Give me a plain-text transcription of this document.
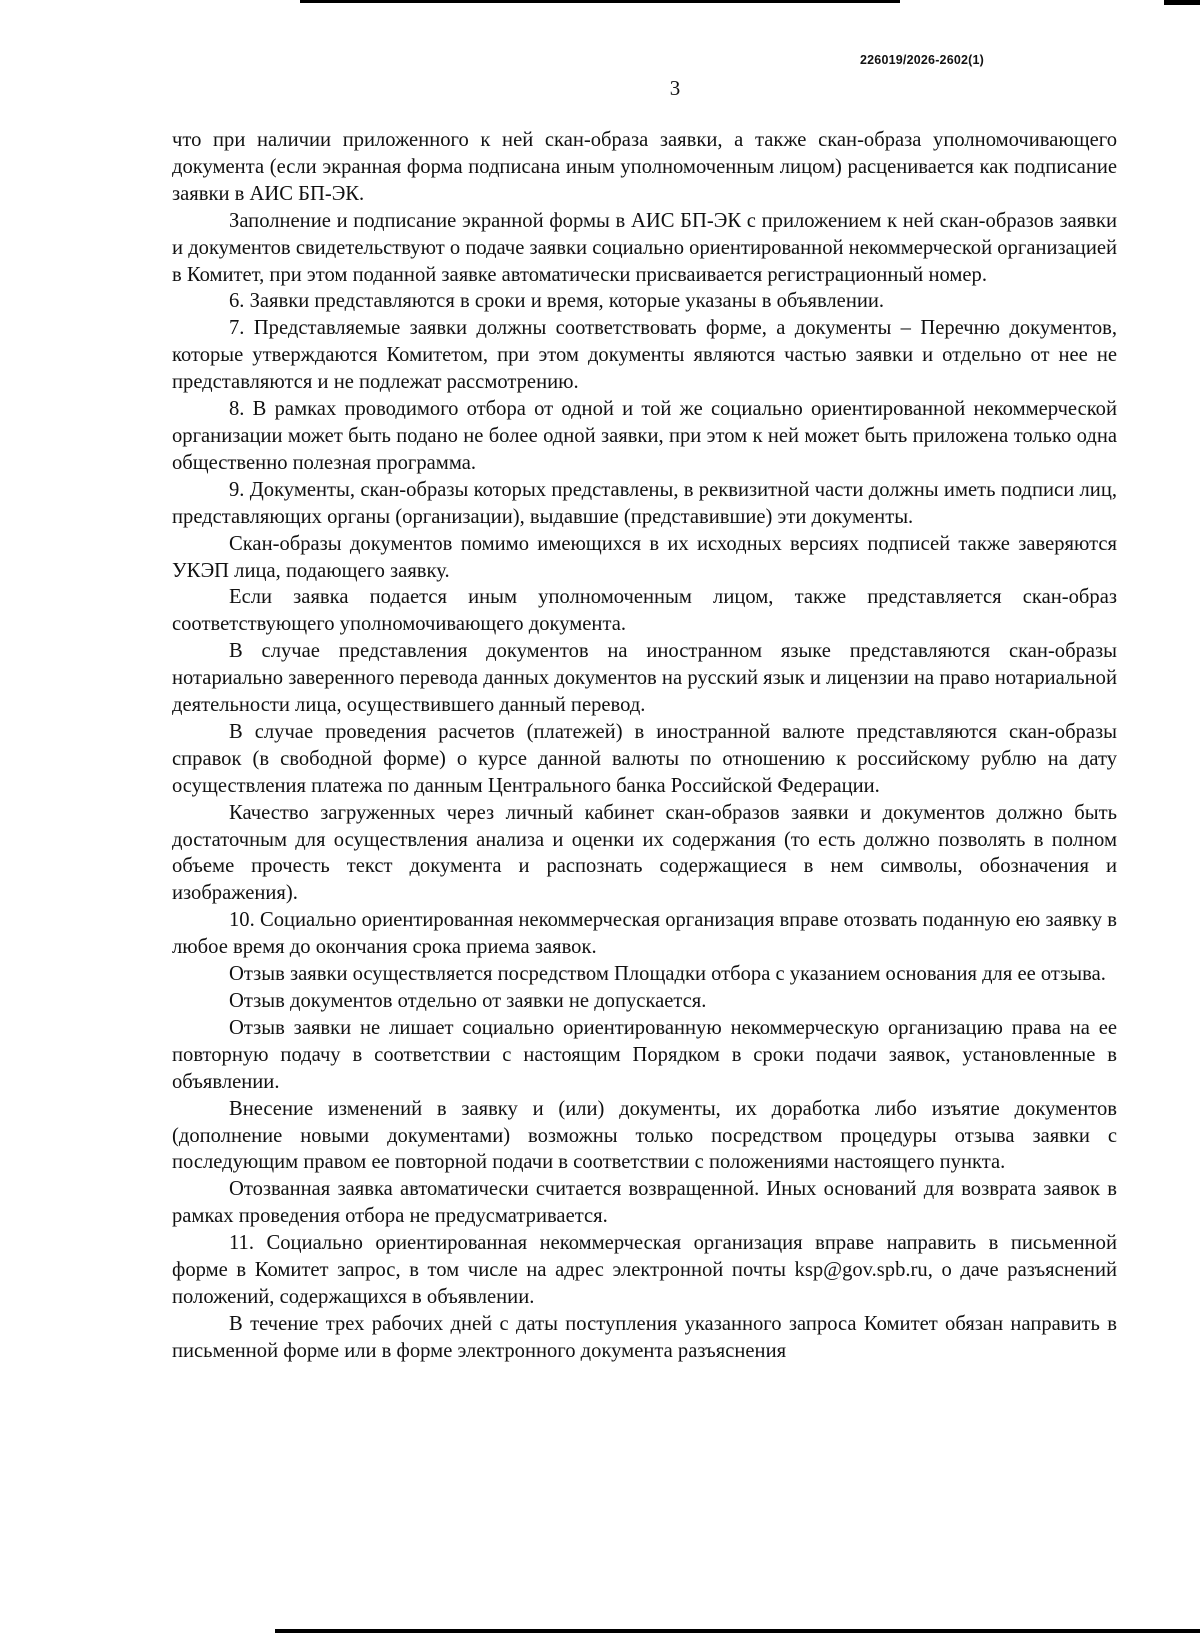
226019/2026-2602(1)
3

что при наличии приложенного к ней скан-образа заявки, а также скан-образа уполномочивающего документа (если экранная форма подписана иным уполномоченным лицом) расценивается как подписание заявки в АИС БП-ЭК.

Заполнение и подписание экранной формы в АИС БП-ЭК с приложением к ней скан-образов заявки и документов свидетельствуют о подаче заявки социально ориентированной некоммерческой организацией в Комитет, при этом поданной заявке автоматически присваивается регистрационный номер.

6. Заявки представляются в сроки и время, которые указаны в объявлении.

7. Представляемые заявки должны соответствовать форме, а документы – Перечню документов, которые утверждаются Комитетом, при этом документы являются частью заявки и отдельно от нее не представляются и не подлежат рассмотрению.

8. В рамках проводимого отбора от одной и той же социально ориентированной некоммерческой организации может быть подано не более одной заявки, при этом к ней может быть приложена только одна общественно полезная программа.

9. Документы, скан-образы которых представлены, в реквизитной части должны иметь подписи лиц, представляющих органы (организации), выдавшие (представившие) эти документы.

Скан-образы документов помимо имеющихся в их исходных версиях подписей также заверяются УКЭП лица, подающего заявку.

Если заявка подается иным уполномоченным лицом, также представляется скан-образ соответствующего уполномочивающего документа.

В случае представления документов на иностранном языке представляются скан-образы нотариально заверенного перевода данных документов на русский язык и лицензии на право нотариальной деятельности лица, осуществившего данный перевод.

В случае проведения расчетов (платежей) в иностранной валюте представляются скан-образы справок (в свободной форме) о курсе данной валюты по отношению к российскому рублю на дату осуществления платежа по данным Центрального банка Российской Федерации.

Качество загруженных через личный кабинет скан-образов заявки и документов должно быть достаточным для осуществления анализа и оценки их содержания (то есть должно позволять в полном объеме прочесть текст документа и распознать содержащиеся в нем символы, обозначения и изображения).

10. Социально ориентированная некоммерческая организация вправе отозвать поданную ею заявку в любое время до окончания срока приема заявок.

Отзыв заявки осуществляется посредством Площадки отбора с указанием основания для ее отзыва.

Отзыв документов отдельно от заявки не допускается.

Отзыв заявки не лишает социально ориентированную некоммерческую организацию права на ее повторную подачу в соответствии с настоящим Порядком в сроки подачи заявок, установленные в объявлении.

Внесение изменений в заявку и (или) документы, их доработка либо изъятие документов (дополнение новыми документами) возможны только посредством процедуры отзыва заявки с последующим правом ее повторной подачи в соответствии с положениями настоящего пункта.

Отозванная заявка автоматически считается возвращенной. Иных оснований для возврата заявок в рамках проведения отбора не предусматривается.

11. Социально ориентированная некоммерческая организация вправе направить в письменной форме в Комитет запрос, в том числе на адрес электронной почты ksp@gov.spb.ru, о даче разъяснений положений, содержащихся в объявлении.

В течение трех рабочих дней с даты поступления указанного запроса Комитет обязан направить в письменной форме или в форме электронного документа разъяснения
